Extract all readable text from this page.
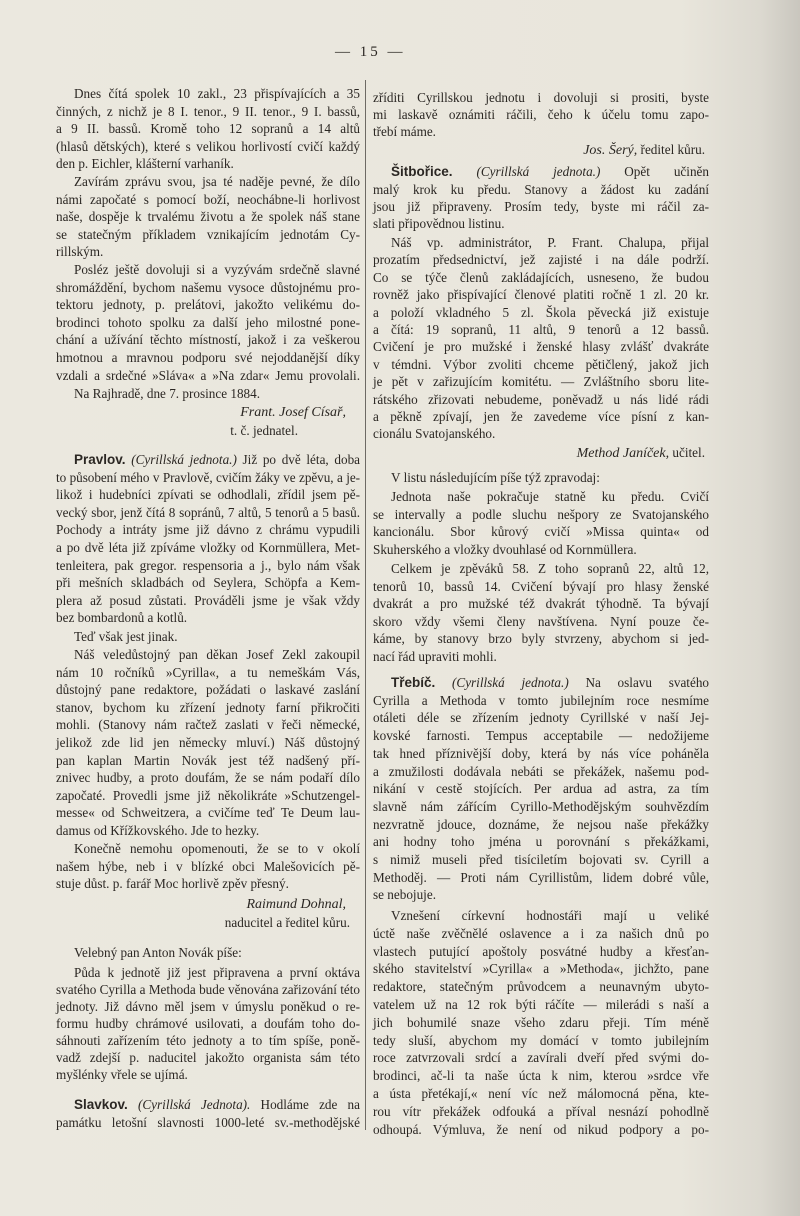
— 15 —
Dnes čítá spolek 10 zakl., 23 přispívajících a 35
činných, z nichž je 8 I. tenor., 9 II. tenor., 9 I. bassů,
a 9 II. bassů. Kromě toho 12 sopranů a 14 altů
(hlasů dětských), které s velikou horlivostí cvičí každý
den p. Eichler, klášterní varhaník.
Zavírám zprávu svou, jsa té naděje pevné, že dílo
námi započaté s pomocí boží, neochábne-li horlivost
naše, dospěje k trvalému životu a že spolek náš stane
se statečným příkladem vznikajícím jednotám Cy-
rillským.
Posléz ještě dovoluji si a vyzývám srdečně slavné
shromáždění, bychom našemu vysoce důstojnému pro-
tektoru jednoty, p. prelátovi, jakožto velikému do-
brodinci tohoto spolku za další jeho milostné pone-
chání a užívání těchto místností, jakož i za veškerou
hmotnou a mravnou podporu své nejoddanější díky
vzdali a srdečné »Sláva« a »Na zdar« Jemu provolali.
Na Rajhradě, dne 7. prosince 1884.
Frant. Josef Císař,
t. č. jednatel.
Pravlov. (Cyrillská jednota.) Již po dvě léta, doba
to působení mého v Pravlově, cvičím žáky ve zpěvu, a je-
likož i hudebníci zpívati se odhodlali, zřídil jsem pě-
vecký sbor, jenž čítá 8 sopránů, 7 altů, 5 tenorů a 5 basů.
Pochody a intráty jsme již dávno z chrámu vypudili
a po dvě léta již zpíváme vložky od Kornmüllera, Met-
tenleitera, pak gregor. respensoria a j., bylo nám však
při mešních skladbách od Seylera, Schöpfa a Kem-
plera až posud zůstati. Prováděli jsme je však vždy
bez bombardonů a kotlů.
Teď však jest jinak.
Náš veledůstojný pan děkan Josef Zekl zakoupil
nám 10 ročníků »Cyrilla«, a tu nemeškám Vás,
důstojný pane redaktore, požádati o laskavé zaslání
stanov, bychom ku zřízení jednoty farní přikročiti
mohli. (Stanovy nám račtež zaslati v řeči německé,
jelikož zde lid jen německy mluví.) Náš důstojný
pan kaplan Martin Novák jest též nadšený pří-
znivec hudby, a proto doufám, že se nám podaří dílo
započaté. Provedli jsme již několikráte »Schutzengel-
messe« od Schweitzera, a cvičíme teď Te Deum lau-
damus od Křížkovského. Jde to hezky.
Konečně nemohu opomenouti, že se to v okolí
našem hýbe, neb i v blízké obci Malešovicích pě-
stuje důst. p. farář Moc horlivě zpěv přesný.
Raimund Dohnal,
naducitel a ředitel kůru.
Velebný pan Anton Novák píše:
Půda k jednotě již jest připravena a první oktáva
svatého Cyrilla a Methoda bude věnována zařizování této
jednoty. Již dávno měl jsem v úmyslu poněkud o re-
formu hudby chrámové usilovati, a doufám toho do-
sáhnouti zařízením této jednoty a to tím spíše, poně-
vadž zdejší p. naducitel jakožto organista sám této
myšlénky vřele se ujímá.
Slavkov. (Cyrillská Jednota). Hodláme zde na
památku letošní slavnosti 1000-leté sv.-methodějské
zříditi Cyrillskou jednotu i dovoluji si prositi, byste
mi laskavě oznámiti ráčili, čeho k účelu tomu zapo-
třebí máme.
Jos. Šerý, ředitel kůru.
Šitbořice. (Cyrillská jednota.) Opět učiněn
malý krok ku předu. Stanovy a žádost ku zadání
jsou již připraveny. Prosím tedy, byste mi ráčil za-
slati připovědnou listinu.
Náš vp. administrátor, P. Frant. Chalupa, přijal
prozatím předsednictví, jež zajisté i na dále podrží.
Co se týče členů zakládajících, usneseno, že budou
rovněž jako přispívající členové platiti ročně 1 zl. 20 kr.
a položí vkladného 5 zl. Škola pěvecká již existuje
a čítá: 19 sopranů, 11 altů, 9 tenorů a 12 bassů.
Cvičení je pro mužské i ženské hlasy zvlášť dvakráte
v témdni. Výbor zvoliti chceme pětičlený, jakož jich
je pět v zařizujícím komitétu. — Zvláštního sboru lite-
rátského zřizovati nebudeme, poněvadž u nás lidé rádi
a pěkně zpívají, jen že zavedeme více písní z kan-
cionálu Svatojanského.
Method Janíček, učitel.
V listu následujícím píše týž zpravodaj:
Jednota naše pokračuje statně ku předu. Cvičí
se intervally a podle sluchu nešpory ze Svatojanského
kancionálu. Sbor kůrový cvičí »Missa quinta« od
Skuherského a vložky dvouhlasé od Kornmüllera.
Celkem je zpěváků 58. Z toho sopranů 22, altů 12,
tenorů 10, bassů 14. Cvičení bývají pro hlasy ženské
dvakrát a pro mužské též dvakrát týhodně. Ta bývají
skoro vždy všemi členy navštívena. Nyní pouze če-
káme, by stanovy brzo byly stvrzeny, abychom si jed-
nací řád upraviti mohli.
Třebíč. (Cyrillská jednota.) Na oslavu svatého
Cyrilla a Methoda v tomto jubilejním roce nesmíme
otáleti déle se zřízením jednoty Cyrillské v naší Jej-
kovské farnosti. Tempus acceptabile — nedožijeme
tak hned příznivější doby, která by nás více poháněla
a zmužilosti dodávala nebáti se překážek, našemu pod-
nikání v cestě stojících. Per ardua ad astra, za tím
slavně nám zářícím Cyrillo-Methodějským souhvězdím
nezvratně jdouce, doznáme, že nejsou naše překážky
ani hodny toho jména u porovnání s překážkami,
s nimiž museli před tisíciletím bojovati sv. Cyrill a
Methoděj. — Proti nám Cyrillistům, lidem dobré vůle,
se nebojuje.
Vznešení církevní hodnostáři mají u veliké
úctě naše zvěčnělé oslavence a i za našich dnů po
vlastech putující apoštoly posvátné hudby a křesťan-
ského stavitelství »Cyrilla« a »Methoda«, jichžto, pane
redaktore, statečným průvodcem a neunavným ubyto-
vatelem už na 12 rok býti ráčíte — milerádi s naší a
jich bohumilé snaze všeho zdaru přeji. Tím méně
tedy sluší, abychom my domácí v tomto jubilejním
roce zatvrzovali srdcí a zavírali dveří před svými do-
brodinci, ač-li ta naše úcta k nim, kterou »srdce vře
a ústa přetékají,« není víc než málomocná pěna, kte-
rou vítr překážek odfouká a příval nesnází pohodlně
odhoupá. Výmluva, že není od nikud podpory a po-
